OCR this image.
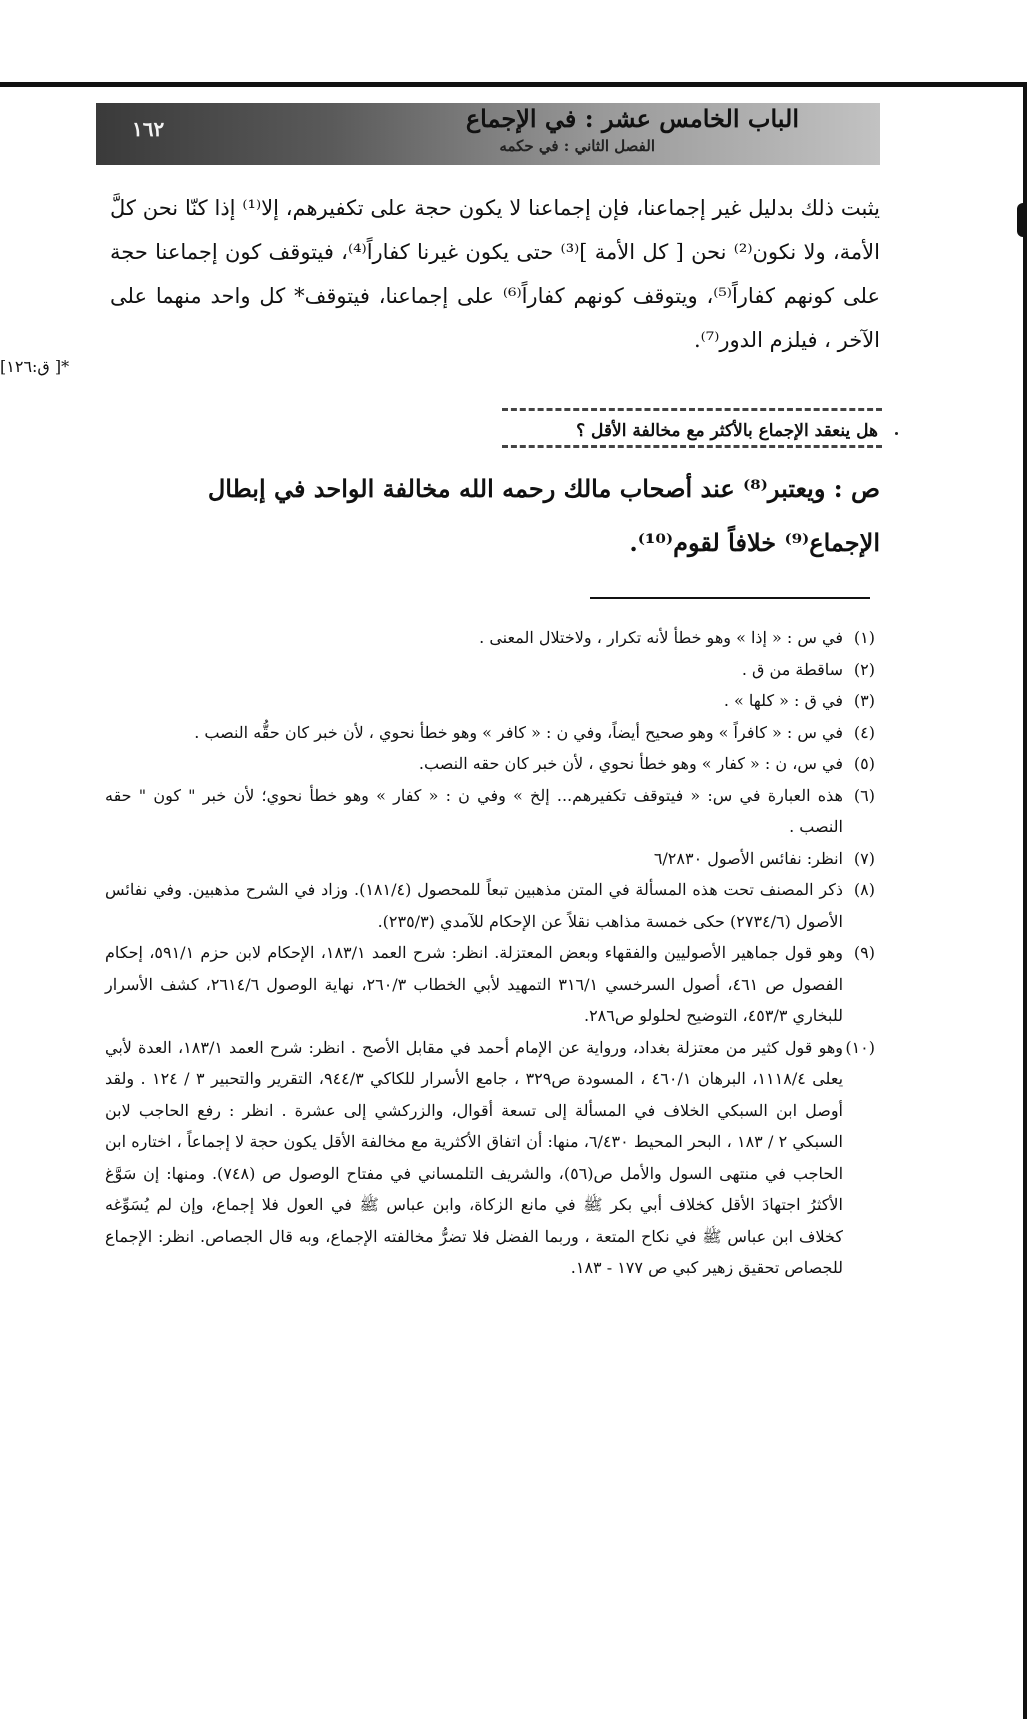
الباب الخامس عشر : في الإجماع
الفصل الثاني : في حكمه
١٦٢
*[ ق:١٢٦]

يثبت ذلك بدليل غير إجماعنا، فإن إجماعنا لا يكون حجة على تكفيرهم، إلا⁽¹⁾ إذا كنّا نحن كلَّ الأمة، ولا نكون⁽²⁾ نحن [ كل الأمة ]⁽³⁾ حتى يكون غيرنا كفاراً⁽⁴⁾، فيتوقف كون إجماعنا حجة على كونهم كفاراً⁽⁵⁾، ويتوقف كونهم كفاراً⁽⁶⁾ على إجماعنا، فيتوقف* كل واحد منهما على الآخر ، فيلزم الدور⁽⁷⁾.

هل ينعقد الإجماع بالأكثر مع مخالفة الأقل ؟

ص : ويعتبر⁽⁸⁾ عند أصحاب مالك رحمه الله مخالفة الواحد في إبطال الإجماع⁽⁹⁾ خلافاً لقوم⁽¹⁰⁾.

(١)
في س : « إذا » وهو خطأ لأنه تكرار ، ولاختلال المعنى .

(٢)
ساقطة من ق .

(٣)
في ق : « كلها » .

(٤)
في س : « كافراً » وهو صحيح أيضاً، وفي ن : « كافر » وهو خطأ نحوي ، لأن خبر كان حقُّه النصب .

(٥)
في س، ن : « كفار » وهو خطأ نحوي ، لأن خبر كان حقه النصب.

(٦)
هذه العبارة في س: « فيتوقف تكفيرهم... إلخ » وفي ن : « كفار » وهو خطأ نحوي؛ لأن خبر " كون " حقه النصب .

(٧)
انظر: نفائس الأصول ٦/٢٨٣٠

(٨)
ذكر المصنف تحت هذه المسألة في المتن مذهبين تبعاً للمحصول (١٨١/٤). وزاد في الشرح مذهبين. وفي نفائس الأصول (٢٧٣٤/٦) حكى خمسة مذاهب نقلاً عن الإحكام للآمدي (٢٣٥/٣).

(٩)
وهو قول جماهير الأصوليين والفقهاء وبعض المعتزلة. انظر: شرح العمد ١٨٣/١، الإحكام لابن حزم ٥٩١/١، إحكام الفصول ص ٤٦١، أصول السرخسي ٣١٦/١ التمهيد لأبي الخطاب ٢٦٠/٣، نهاية الوصول ٢٦١٤/٦، كشف الأسرار للبخاري ٤٥٣/٣، التوضيح لحلولو ص٢٨٦.

(١٠)
وهو قول كثير من معتزلة بغداد، ورواية عن الإمام أحمد في مقابل الأصح . انظر: شرح العمد ١٨٣/١، العدة لأبي يعلى ١١١٨/٤، البرهان ٤٦٠/١ ، المسودة ص٣٢٩ ، جامع الأسرار للكاكي ٩٤٤/٣، التقرير والتحبير ٣ / ١٢٤ . ولقد أوصل ابن السبكي الخلاف في المسألة إلى تسعة أقوال، والزركشي إلى عشرة . انظر : رفع الحاجب لابن السبكي ٢ / ١٨٣ ، البحر المحيط ٦/٤٣٠، منها: أن اتفاق الأكثرية مع مخالفة الأقل يكون حجة لا إجماعاً ، اختاره ابن الحاجب في منتهى السول والأمل ص(٥٦)، والشريف التلمساني في مفتاح الوصول ص (٧٤٨). ومنها: إن سَوَّغ الأكثرُ اجتهادَ الأقل كخلاف أبي بكر ﷺ في مانع الزكاة، وابن عباس ﷺ في العول فلا إجماع، وإن لم يُسَوِّغه كخلاف ابن عباس ﷺ في نكاح المتعة ، وربما الفضل فلا تضرُّ مخالفته الإجماع، وبه قال الجصاص. انظر: الإجماع للجصاص تحقيق زهير كبي ص ١٧٧ - ١٨٣.
